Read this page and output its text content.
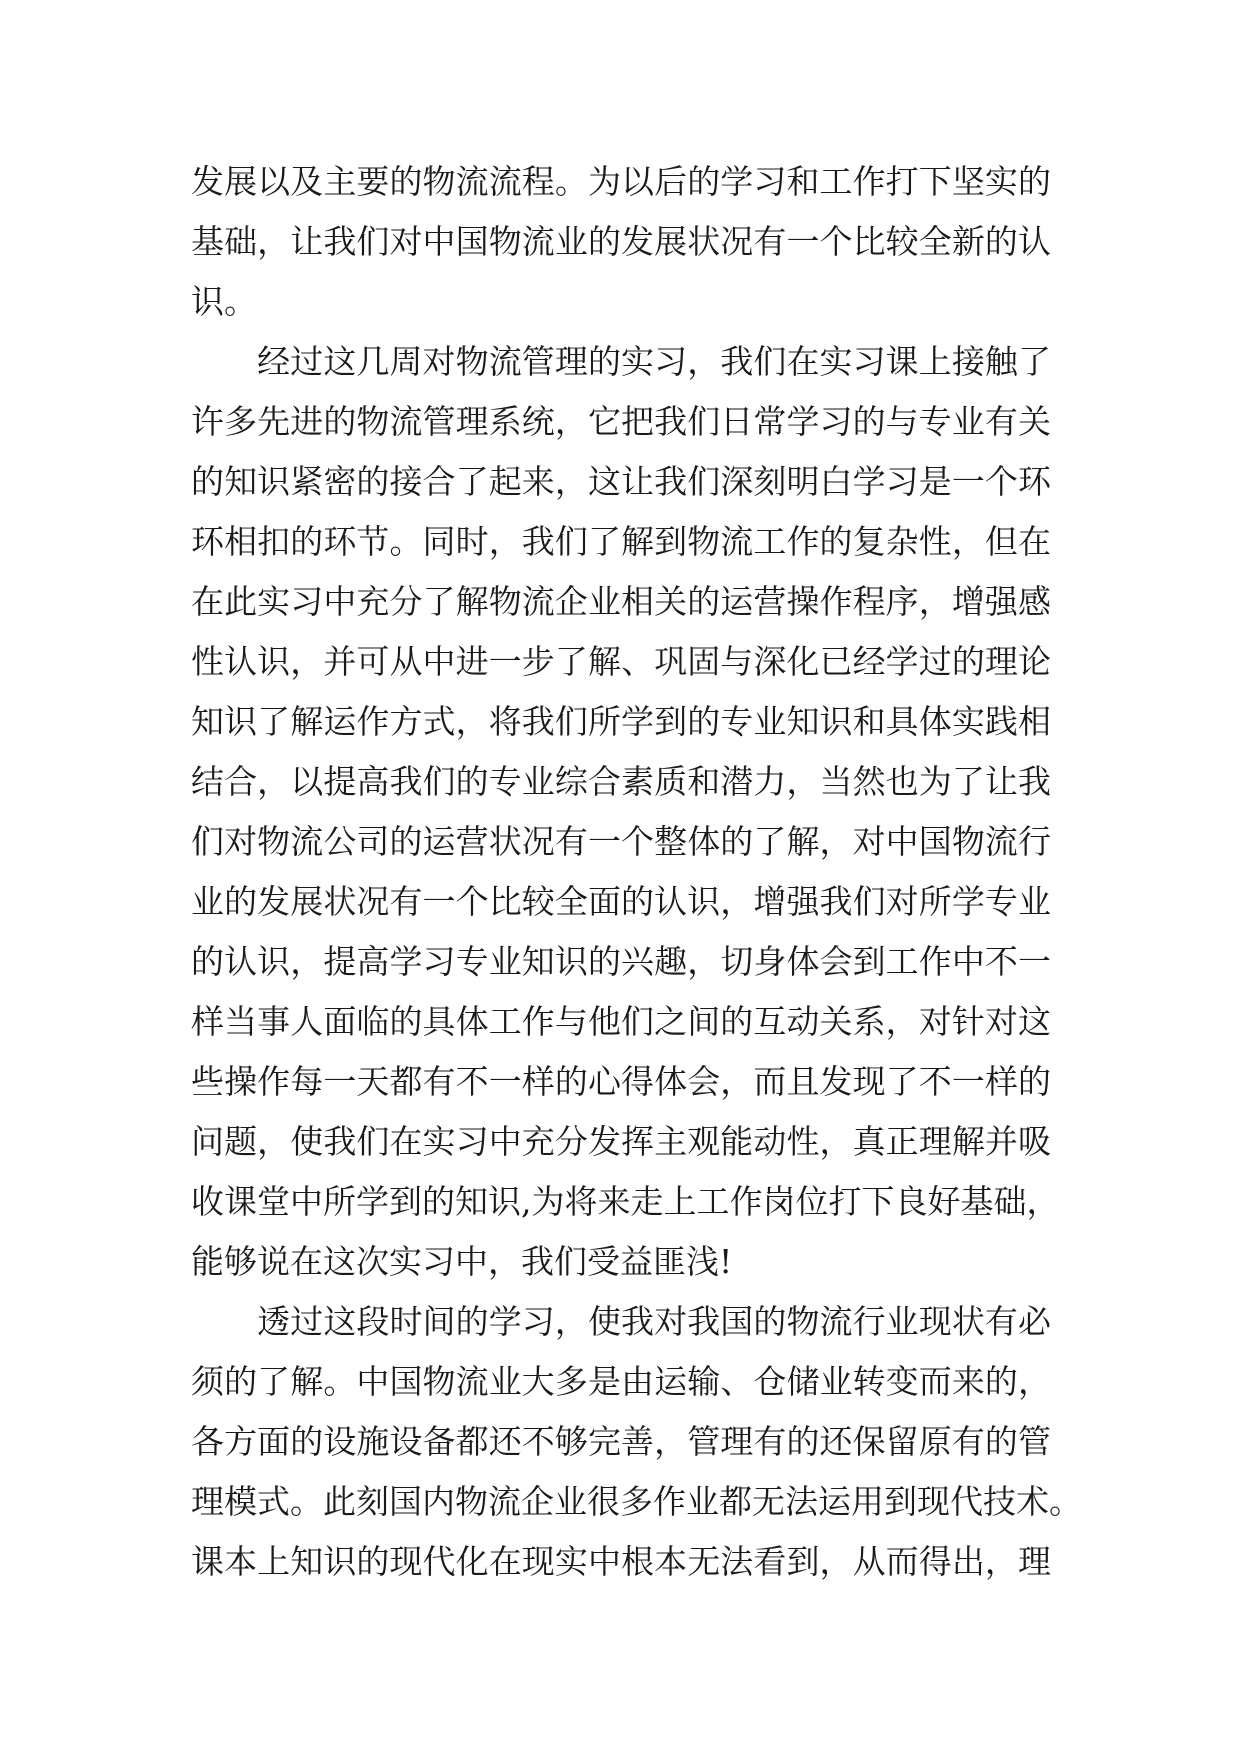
发展以及主要的物流流程。为以后的学习和工作打下坚实的
基础，让我们对中国物流业的发展状况有一个比较全新的认
识。
　　经过这几周对物流管理的实习，我们在实习课上接触了
许多先进的物流管理系统，它把我们日常学习的与专业有关
的知识紧密的接合了起来，这让我们深刻明白学习是一个环
环相扣的环节。同时，我们了解到物流工作的复杂性，但在
在此实习中充分了解物流企业相关的运营操作程序，增强感
性认识，并可从中进一步了解、巩固与深化已经学过的理论
知识了解运作方式，将我们所学到的专业知识和具体实践相
结合，以提高我们的专业综合素质和潜力，当然也为了让我
们对物流公司的运营状况有一个整体的了解，对中国物流行
业的发展状况有一个比较全面的认识，增强我们对所学专业
的认识，提高学习专业知识的兴趣，切身体会到工作中不一
样当事人面临的具体工作与他们之间的互动关系，对针对这
些操作每一天都有不一样的心得体会，而且发现了不一样的
问题，使我们在实习中充分发挥主观能动性，真正理解并吸
收课堂中所学到的知识,为将来走上工作岗位打下良好基础，
能够说在这次实习中，我们受益匪浅!
　　透过这段时间的学习，使我对我国的物流行业现状有必
须的了解。中国物流业大多是由运输、仓储业转变而来的，
各方面的设施设备都还不够完善，管理有的还保留原有的管
理模式。此刻国内物流企业很多作业都无法运用到现代技术。
课本上知识的现代化在现实中根本无法看到，从而得出，理
